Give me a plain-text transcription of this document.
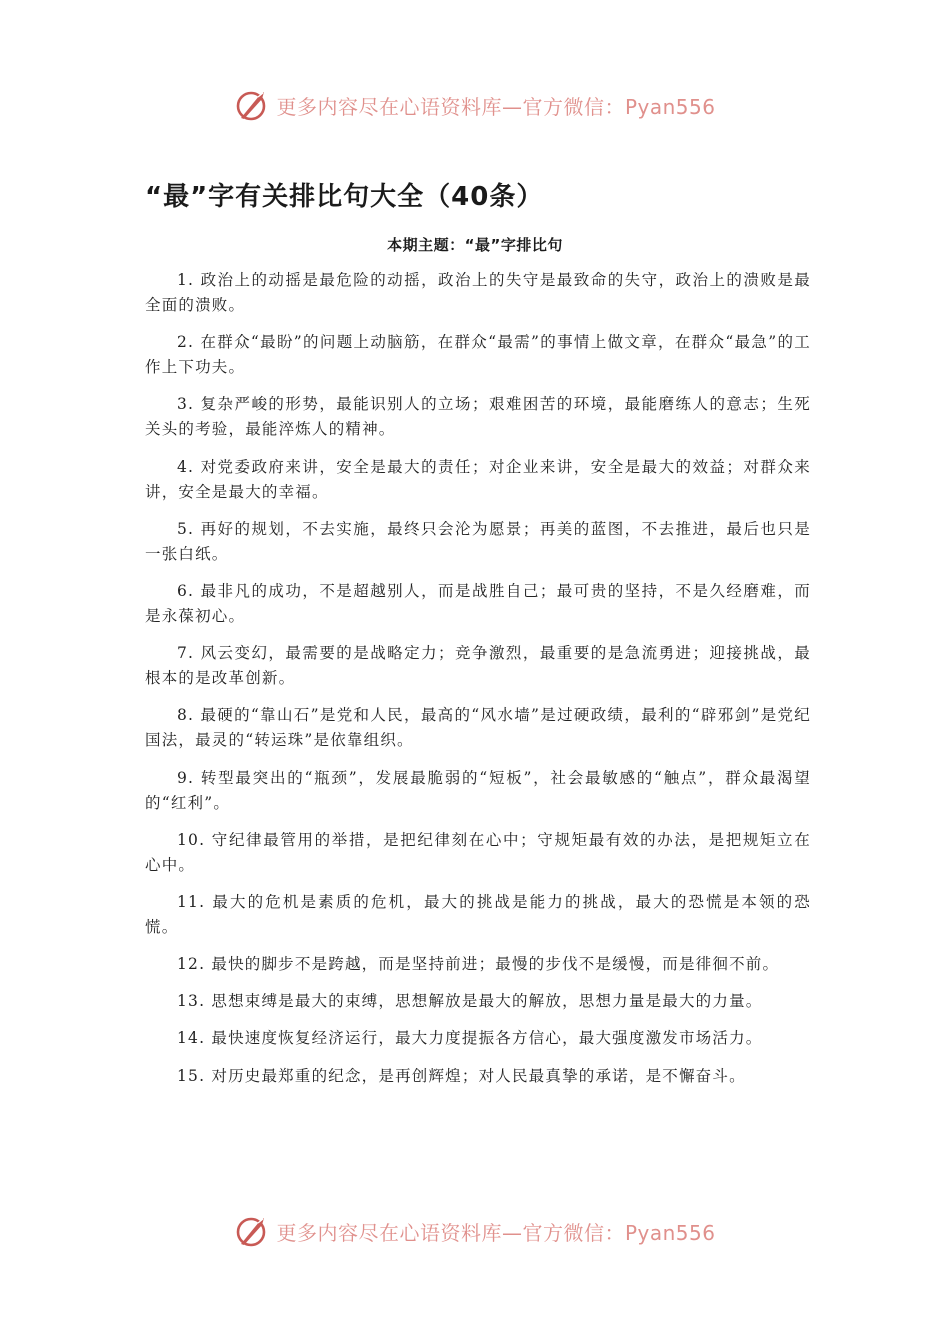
更多内容尽在心语资料库—官方微信：Pyan556
“最”字有关排比句大全（40条）
本期主题：“最”字排比句

1. 政治上的动摇是最危险的动摇，政治上的失守是最致命的失守，政治上的溃败是最全面的溃败。

2. 在群众“最盼”的问题上动脑筋，在群众“最需”的事情上做文章，在群众“最急”的工作上下功夫。

3. 复杂严峻的形势，最能识别人的立场；艰难困苦的环境，最能磨练人的意志；生死关头的考验，最能淬炼人的精神。

4. 对党委政府来讲，安全是最大的责任；对企业来讲，安全是最大的效益；对群众来讲，安全是最大的幸福。

5. 再好的规划，不去实施，最终只会沦为愿景；再美的蓝图，不去推进，最后也只是一张白纸。

6. 最非凡的成功，不是超越别人，而是战胜自己；最可贵的坚持，不是久经磨难，而是永葆初心。

7. 风云变幻，最需要的是战略定力；竞争激烈，最重要的是急流勇进；迎接挑战，最根本的是改革创新。

8. 最硬的“靠山石”是党和人民，最高的“风水墙”是过硬政绩，最利的“辟邪剑”是党纪国法，最灵的“转运珠”是依靠组织。

9. 转型最突出的“瓶颈”，发展最脆弱的“短板”，社会最敏感的“触点”，群众最渴望的“红利”。

10. 守纪律最管用的举措，是把纪律刻在心中；守规矩最有效的办法，是把规矩立在心中。

11. 最大的危机是素质的危机，最大的挑战是能力的挑战，最大的恐慌是本领的恐慌。

12. 最快的脚步不是跨越，而是坚持前进；最慢的步伐不是缓慢，而是徘徊不前。

13. 思想束缚是最大的束缚，思想解放是最大的解放，思想力量是最大的力量。

14. 最快速度恢复经济运行，最大力度提振各方信心，最大强度激发市场活力。

15. 对历史最郑重的纪念，是再创辉煌；对人民最真挚的承诺，是不懈奋斗。

更多内容尽在心语资料库—官方微信：Pyan556
